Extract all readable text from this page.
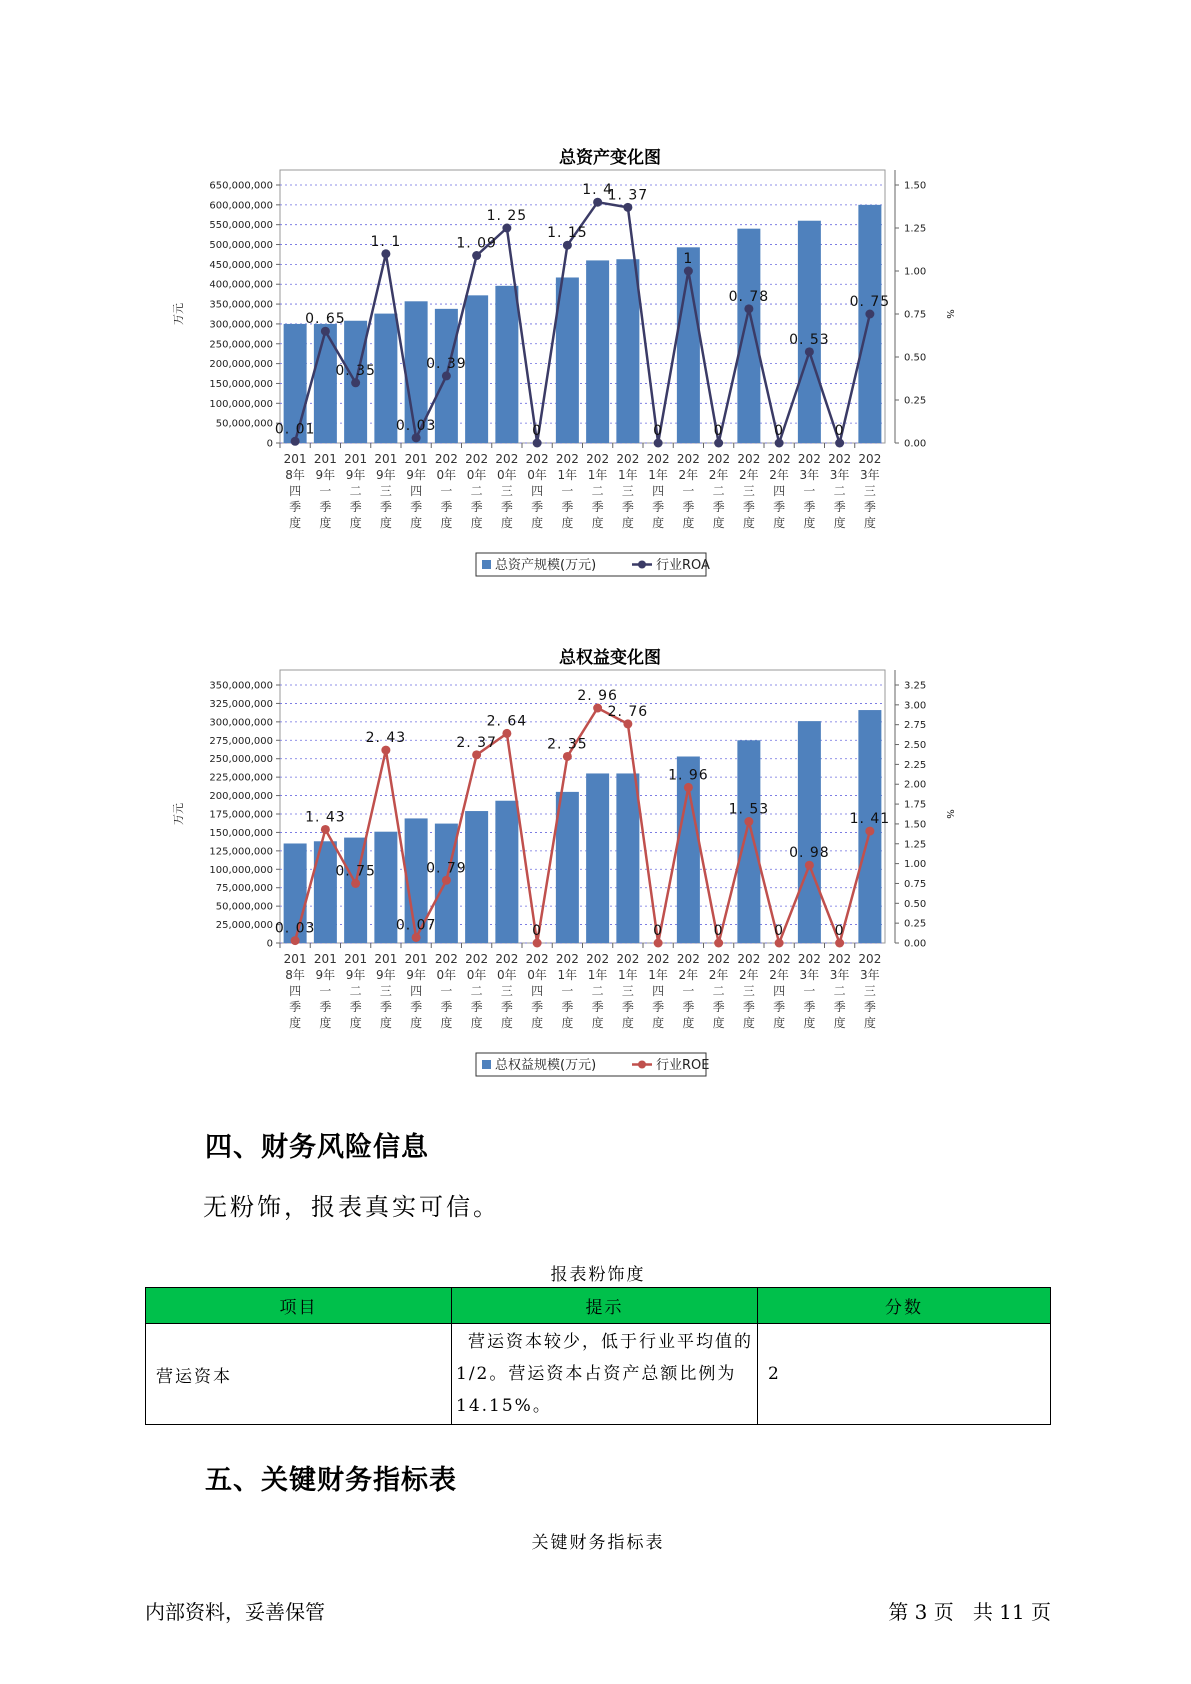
总资产变化图
650,000,000
600,000,000
550,000,000
500,000,000
450,000,000
400,000,000
350,000,000
300,000,000
250,000,000
200,000,000
150,000,000
100,000,000
50,000,000
0
1.50
1.25
1.00
0.75
0.50
0.25
0.00
万元	%
0. 01
0. 65
0. 35
1. 1
0. 03
0. 39
1. 09
1. 25
0
1. 15
1. 4
1. 37
0
1
0
0. 78
0
0. 53
0
0. 75
201 8年四季度
201 9年一季度
201 9年二季度
201 9年三季度
201 9年四季度
202 0年一季度
202 0年二季度
202 0年三季度
202 0年四季度
202 1年一季度
202 1年二季度
202 1年三季度
202 1年四季度
202 2年一季度
202 2年二季度
202 2年三季度
202 2年四季度
202 3年一季度
202 3年二季度
202 3年三季度
总资产规模(万元)	行业ROA
总权益变化图
350,000,000
325,000,000
300,000,000
275,000,000
250,000,000
225,000,000
200,000,000
175,000,000
150,000,000
125,000,000
100,000,000
75,000,000
50,000,000
25,000,000
0
3.25
3.00
2.75
2.50
2.25
2.00
1.75
1.50
1.25
1.00
0.75
0.50
0.25
0.00
万元	%
0. 03
1. 43
0. 75
2. 43
0. 07
0. 79
2. 37
2. 64
0
2. 35
2. 96
2. 76
0
1. 96
0
1. 53
0
0. 98
0
1. 41
201 8年四季度
201 9年一季度
201 9年二季度
201 9年三季度
201 9年四季度
202 0年一季度
202 0年二季度
202 0年三季度
202 0年四季度
202 1年一季度
202 1年二季度
202 1年三季度
202 1年四季度
202 2年一季度
202 2年二季度
202 2年三季度
202 2年四季度
202 3年一季度
202 3年二季度
202 3年三季度
总权益规模(万元)	行业ROE
四、财务风险信息
无粉饰，报表真实可信。
报表粉饰度
项目	提示	分数
营运资本	营运资本较少，低于行业平均值的1/2。营运资本占资产总额比例为14.15%。	2
五、关键财务指标表
关键财务指标表
内部资料，妥善保管	第 3 页   共 11 页
